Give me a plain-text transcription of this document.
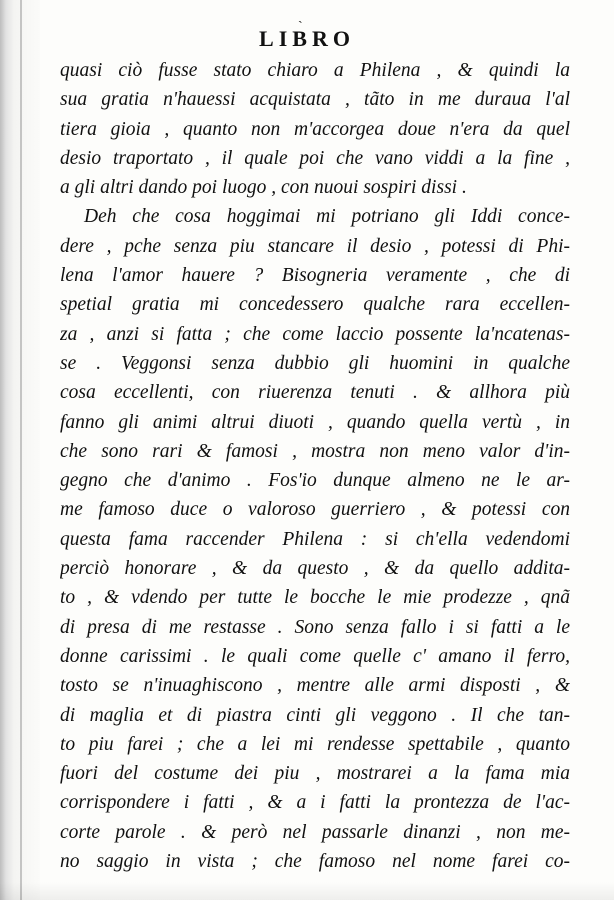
ˎ
LIBRO
quasi ciò fusse stato chiaro a Philena , & quindi la
sua gratia n'hauessi acquistata , tãto in me duraua l'al
tiera gioia , quanto non m'accorgea doue n'era da quel
desio traportato , il quale poi che vano viddi a la fine ,
a gli altri dando poi luogo , con nuoui sospiri dissi .
Deh che cosa hoggimai mi potriano gli Iddi conce-
dere , pche senza piu stancare il desio , potessi di Phi-
lena l'amor hauere ? Bisogneria veramente , che di
spetial gratia mi concedessero qualche rara eccellen-
za , anzi si fatta ; che come laccio possente la'ncatenas-
se . Veggonsi senza dubbio gli huomini in qualche
cosa eccellenti, con riuerenza tenuti . & allhora più
fanno gli animi altrui diuoti , quando quella vertù , in
che sono rari & famosi , mostra non meno valor d'in-
gegno che d'animo . Fos'io dunque almeno ne le ar-
me famoso duce o valoroso guerriero , & potessi con
questa fama raccender Philena : si ch'ella vedendomi
perciò honorare , & da questo , & da quello addita-
to , & vdendo per tutte le bocche le mie prodezze , qnã
di presa di me restasse . Sono senza fallo i si fatti a le
donne carissimi . le quali come quelle c' amano il ferro,
tosto se n'inuaghiscono , mentre alle armi disposti , &
di maglia et di piastra cinti gli veggono . Il che tan-
to piu farei ; che a lei mi rendesse spettabile , quanto
fuori del costume dei piu , mostrarei a la fama mia
corrispondere i fatti , & a i fatti la prontezza de l'ac-
corte parole . & però nel passarle dinanzi , non me-
no saggio in vista ; che famoso nel nome farei co-
